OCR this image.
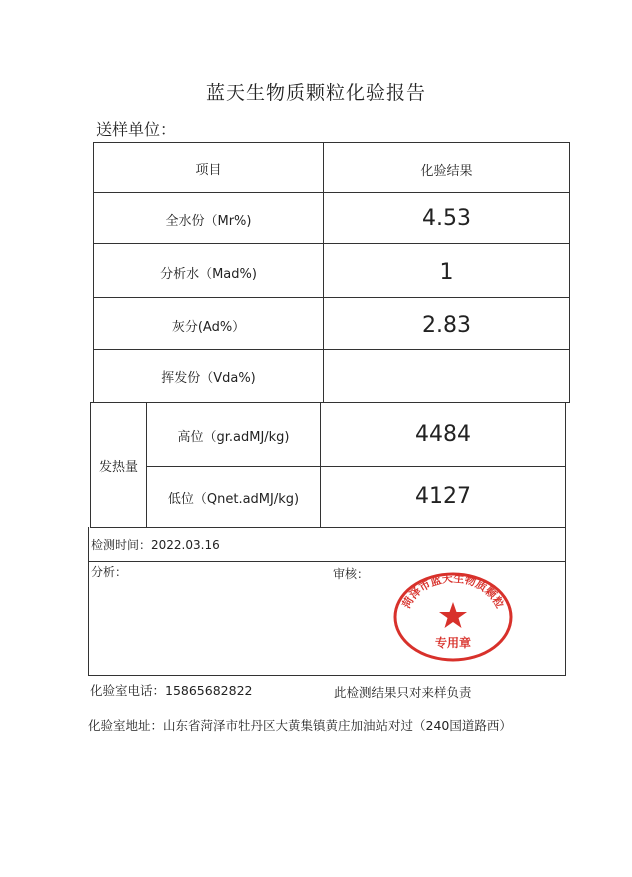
蓝天生物质颗粒化验报告
送样单位：
项目	化验结果
全水份（Mr%)	4.53
分析水（Mad%)	1
灰分(Ad%）	2.83
挥发份（Vda%)
发热量
高位（gr.adMJ/kg)	4484
低位（Qnet.adMJ/kg)	4127
检测时间：2022.03.16
分析：	审核：
菏泽市蓝天生物质颗粒
专用章
化验室电话：15865682822	此检测结果只对来样负责
化验室地址：山东省菏泽市牡丹区大黄集镇黄庄加油站对过（240国道路西）
